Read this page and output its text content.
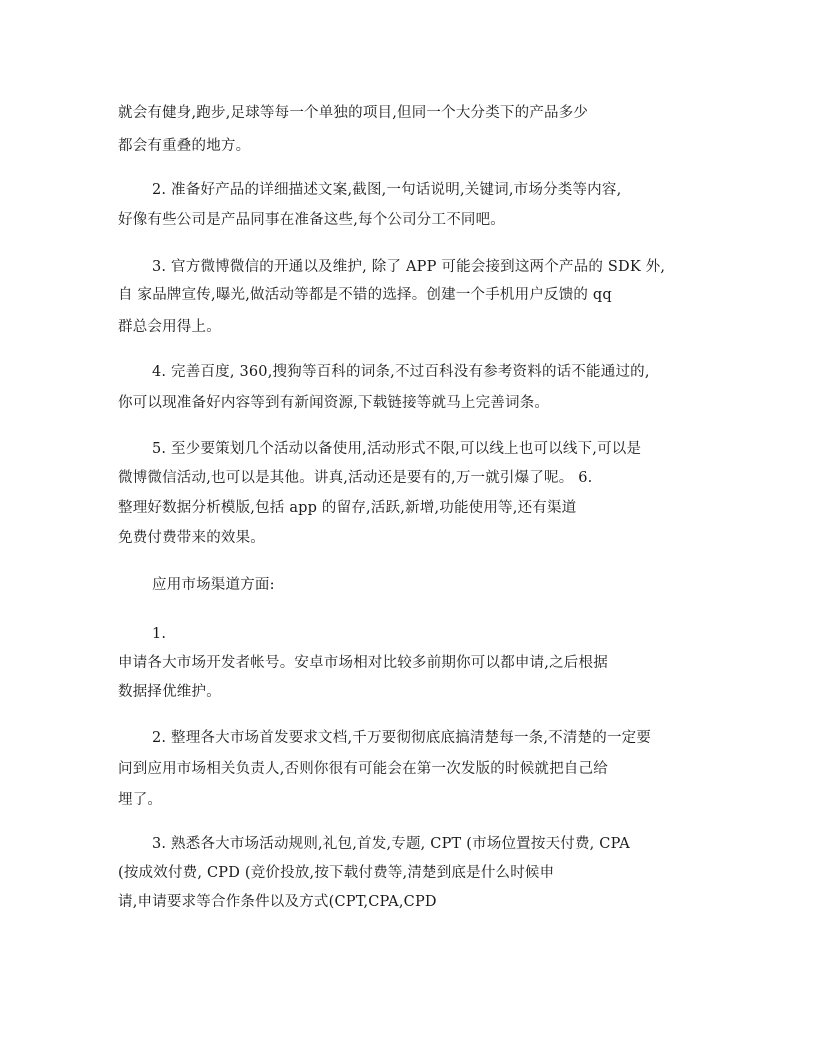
就会有健身,跑步,足球等每一个单独的项目,但同一个大分类下的产品多少
都会有重叠的地方。
2. 准备好产品的详细描述文案,截图,一句话说明,关键词,市场分类等内容,
好像有些公司是产品同事在准备这些,每个公司分工不同吧。
3. 官方微博微信的开通以及维护, 除了 APP 可能会接到这两个产品的 SDK 外,
自 家品牌宣传,曝光,做活动等都是不错的选择。创建一个手机用户反馈的 qq
群总会用得上。
4. 完善百度, 360,搜狗等百科的词条,不过百科没有参考资料的话不能通过的,
你可以现准备好内容等到有新闻资源,下载链接等就马上完善词条。
5. 至少要策划几个活动以备使用,活动形式不限,可以线上也可以线下,可以是
微博微信活动,也可以是其他。讲真,活动还是要有的,万一就引爆了呢。 6.
整理好数据分析模版,包括 app 的留存,活跃,新增,功能使用等,还有渠道
免费付费带来的效果。
应用市场渠道方面:
1.
申请各大市场开发者帐号。安卓市场相对比较多前期你可以都申请,之后根据
数据择优维护。
2. 整理各大市场首发要求文档,千万要彻彻底底搞清楚每一条,不清楚的一定要
问到应用市场相关负责人,否则你很有可能会在第一次发版的时候就把自己给
埋了。
3. 熟悉各大市场活动规则,礼包,首发,专题, CPT (市场位置按天付费, CPA
(按成效付费, CPD (竞价投放,按下载付费等,清楚到底是什么时候申
请,申请要求等合作条件以及方式(CPT,CPA,CPD
